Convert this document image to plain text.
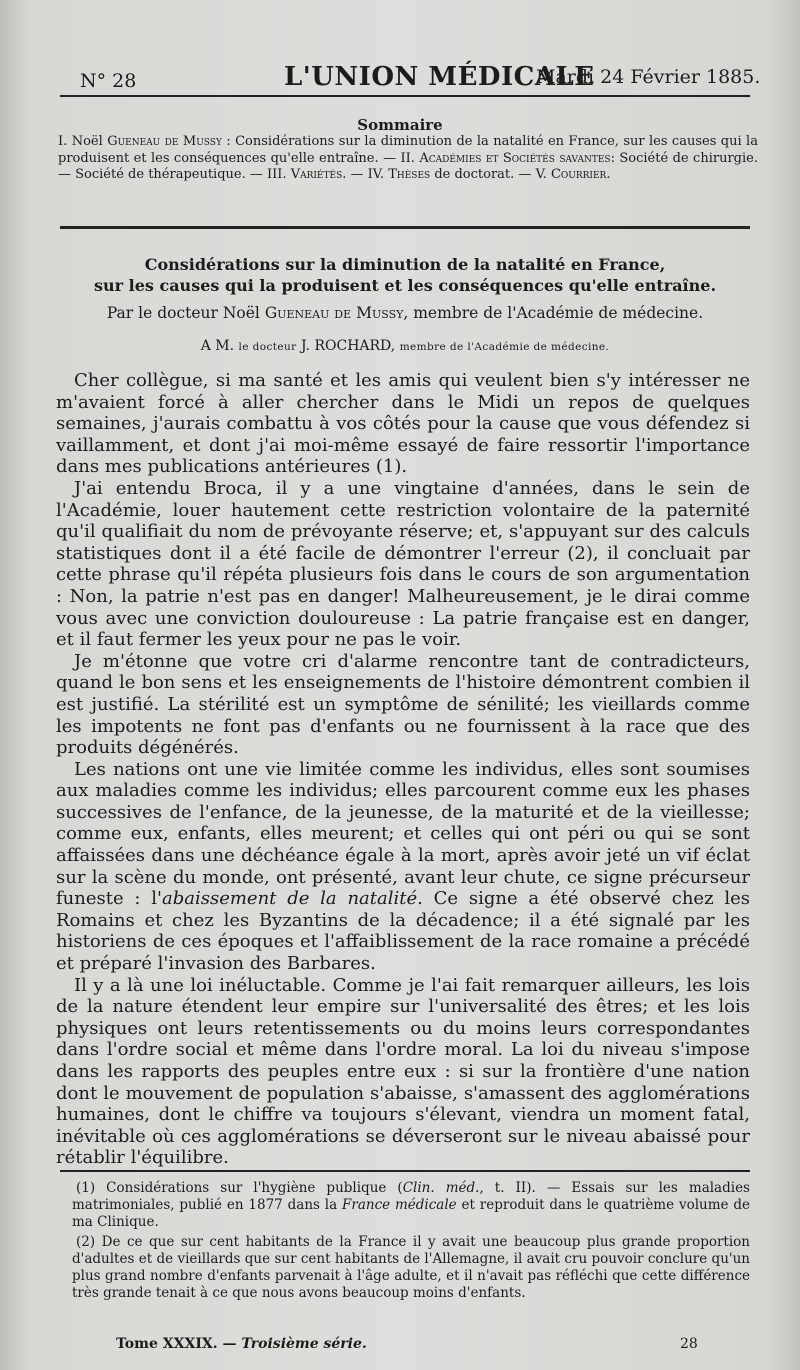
N° 28	L'UNION MÉDICALE
Mardi 24 Février 1885.
Sommaire
I. Noël Gueneau de Mussy : Considérations sur la diminution de la natalité en France, sur les causes qui la produisent et les conséquences qu'elle entraîne. — II. Académies et Sociétés savantes: Société de chirurgie. — Société de thérapeutique. — III. Variétés. — IV. Thèses de doctorat. — V. Courrier.
Considérations sur la diminution de la natalité en France,
sur les causes qui la produisent et les conséquences qu'elle entraîne.
Par le docteur Noël Gueneau de Mussy, membre de l'Académie de médecine.
A M. le docteur J. ROCHARD, membre de l'Académie de médecine.

Cher collègue, si ma santé et les amis qui veulent bien s'y intéresser ne m'avaient forcé à aller chercher dans le Midi un repos de quelques semaines, j'aurais combattu à vos côtés pour la cause que vous défendez si vaillamment, et dont j'ai moi-même essayé de faire ressortir l'importance dans mes publications antérieures (1).

J'ai entendu Broca, il y a une vingtaine d'années, dans le sein de l'Académie, louer hautement cette restriction volontaire de la paternité qu'il qualifiait du nom de prévoyante réserve; et, s'appuyant sur des calculs statistiques dont il a été facile de démontrer l'erreur (2), il concluait par cette phrase qu'il répéta plusieurs fois dans le cours de son argumentation : Non, la patrie n'est pas en danger! Malheureusement, je le dirai comme vous avec une conviction douloureuse : La patrie française est en danger, et il faut fermer les yeux pour ne pas le voir.

Je m'étonne que votre cri d'alarme rencontre tant de contradicteurs, quand le bon sens et les enseignements de l'histoire démontrent combien il est justifié. La stérilité est un symptôme de sénilité; les vieillards comme les impotents ne font pas d'enfants ou ne fournissent à la race que des produits dégénérés.

Les nations ont une vie limitée comme les individus, elles sont soumises aux maladies comme les individus; elles parcourent comme eux les phases successives de l'enfance, de la jeunesse, de la maturité et de la vieillesse; comme eux, enfants, elles meurent; et celles qui ont péri ou qui se sont affaissées dans une déchéance égale à la mort, après avoir jeté un vif éclat sur la scène du monde, ont présenté, avant leur chute, ce signe précurseur funeste : l'abaissement de la natalité. Ce signe a été observé chez les Romains et chez les Byzantins de la décadence; il a été signalé par les historiens de ces époques et l'affaiblissement de la race romaine a précédé et préparé l'invasion des Barbares.

Il y a là une loi inéluctable. Comme je l'ai fait remarquer ailleurs, les lois de la nature étendent leur empire sur l'universalité des êtres; et les lois physiques ont leurs retentissements ou du moins leurs correspondantes dans l'ordre social et même dans l'ordre moral. La loi du niveau s'impose dans les rapports des peuples entre eux : si sur la frontière d'une nation dont le mouvement de population s'abaisse, s'amassent des agglomérations humaines, dont le chiffre va toujours s'élevant, viendra un moment fatal, inévitable où ces agglomérations se déverseront sur le niveau abaissé pour rétablir l'équilibre.

(1) Considérations sur l'hygiène publique (Clin. méd., t. II). — Essais sur les maladies matrimoniales, publié en 1877 dans la France médicale et reproduit dans le quatrième volume de ma Clinique.

(2) De ce que sur cent habitants de la France il y avait une beaucoup plus grande proportion d'adultes et de vieillards que sur cent habitants de l'Allemagne, il avait cru pouvoir conclure qu'un plus grand nombre d'enfants parvenait à l'âge adulte, et il n'avait pas réfléchi que cette différence très grande tenait à ce que nous avons beaucoup moins d'enfants.

Tome XXXIX. — Troisième série.	28
